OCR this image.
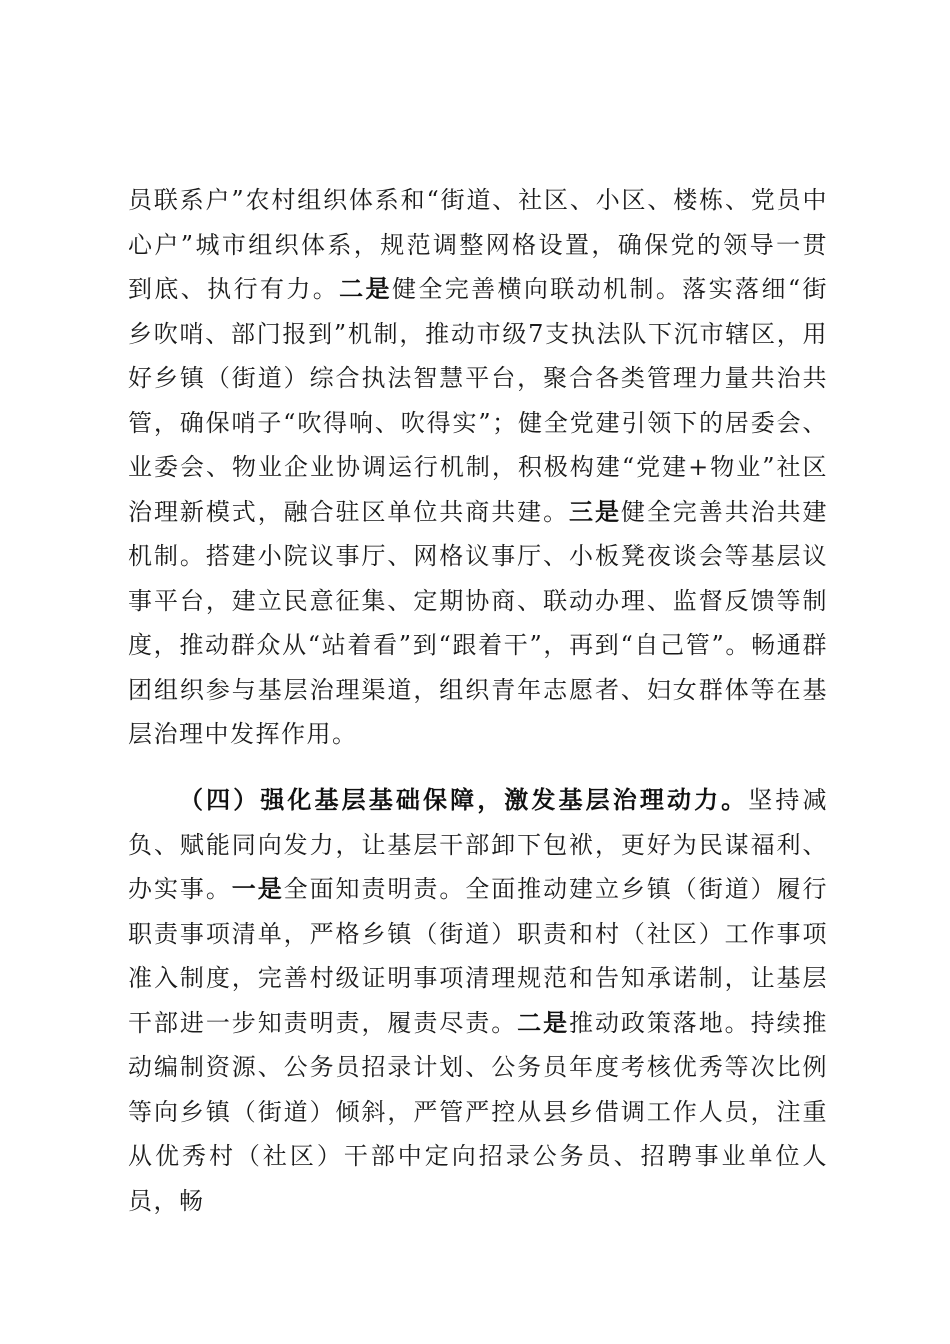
员联系户”农村组织体系和“街道、社区、小区、楼栋、党员中心户”城市组织体系，规范调整网格设置，确保党的领导一贯到底、执行有力。二是健全完善横向联动机制。落实落细“街乡吹哨、部门报到”机制，推动市级7支执法队下沉市辖区，用好乡镇（街道）综合执法智慧平台，聚合各类管理力量共治共管，确保哨子“吹得响、吹得实”；健全党建引领下的居委会、业委会、物业企业协调运行机制，积极构建“党建+物业”社区治理新模式，融合驻区单位共商共建。三是健全完善共治共建机制。搭建小院议事厅、网格议事厅、小板凳夜谈会等基层议事平台，建立民意征集、定期协商、联动办理、监督反馈等制度，推动群众从“站着看”到“跟着干”，再到“自己管”。畅通群团组织参与基层治理渠道，组织青年志愿者、妇女群体等在基层治理中发挥作用。

（四）强化基层基础保障，激发基层治理动力。坚持减负、赋能同向发力，让基层干部卸下包袱，更好为民谋福利、办实事。一是全面知责明责。全面推动建立乡镇（街道）履行职责事项清单，严格乡镇（街道）职责和村（社区）工作事项准入制度，完善村级证明事项清理规范和告知承诺制，让基层干部进一步知责明责，履责尽责。二是推动政策落地。持续推动编制资源、公务员招录计划、公务员年度考核优秀等次比例等向乡镇（街道）倾斜，严管严控从县乡借调工作人员，注重从优秀村（社区）干部中定向招录公务员、招聘事业单位人员，畅
